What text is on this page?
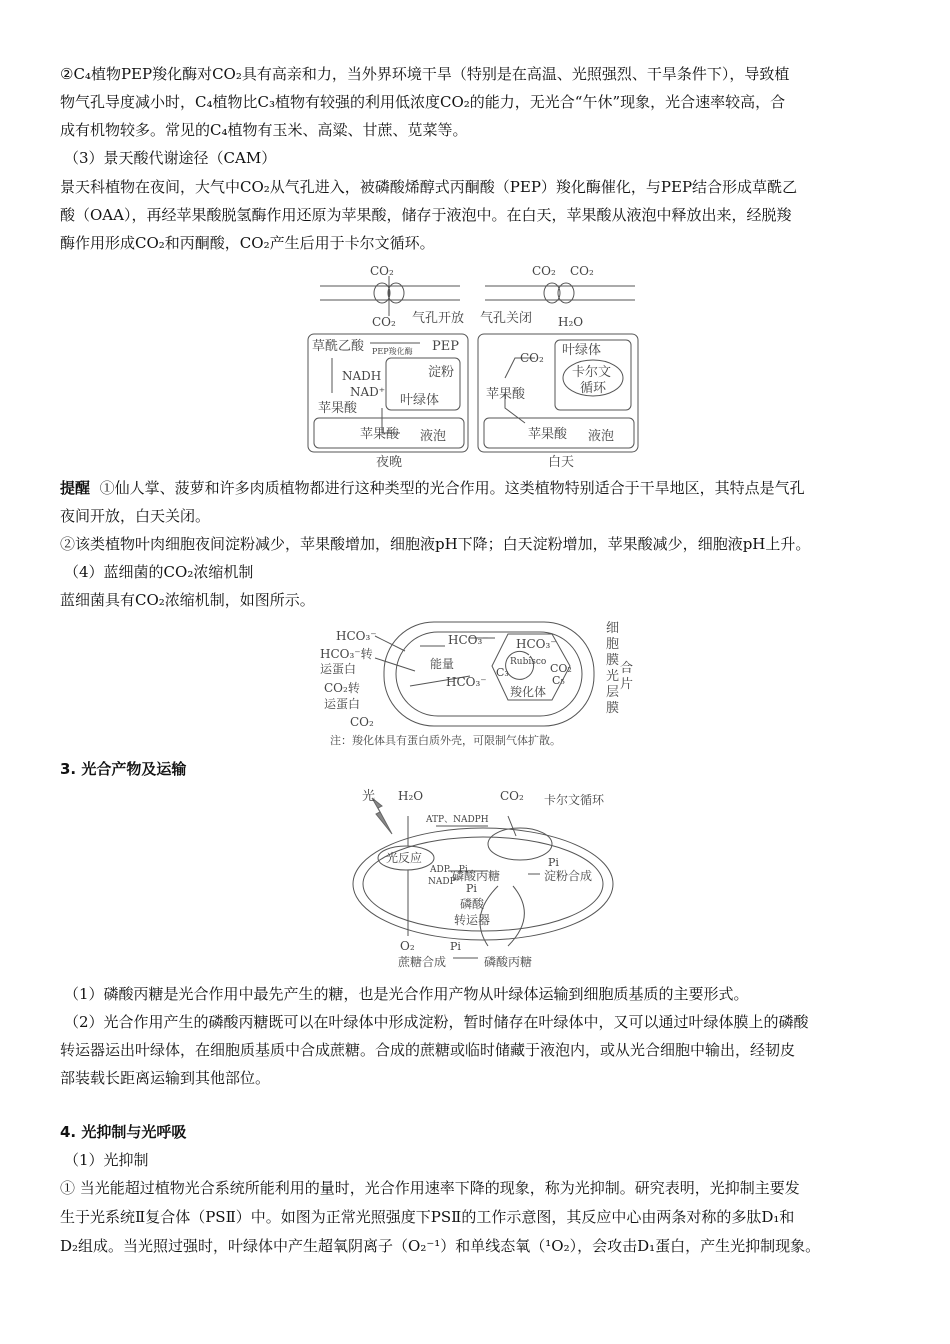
②C₄植物PEP羧化酶对CO₂具有高亲和力，当外界环境干旱（特别是在高温、光照强烈、干旱条件下），导致植
物气孔导度减小时，C₄植物比C₃植物有较强的利用低浓度CO₂的能力，无光合“午休”现象，光合速率较高，合
成有机物较多。常见的C₄植物有玉米、高粱、甘蔗、苋菜等。
（3）景天酸代谢途径（CAM）
景天科植物在夜间，大气中CO₂从气孔进入，被磷酸烯醇式丙酮酸（PEP）羧化酶催化，与PEP结合形成草酰乙
酸（OAA），再经苹果酸脱氢酶作用还原为苹果酸，储存于液泡中。在白天，苹果酸从液泡中释放出来，经脱羧
酶作用形成CO₂和丙酮酸，CO₂产生后用于卡尔文循环。
CO₂	CO₂ CO₂
CO₂ 气孔开放 气孔关闭 H₂O
草酰乙酸 PEP羧化酶 PEP
NADH
NAD⁺
淀粉
叶绿体
苹果酸
苹果酸 液泡
CO₂ 叶绿体
卡尔文
循环
苹果酸
苹果酸 液泡
夜晚	白天
提醒 ①仙人掌、菠萝和许多肉质植物都进行这种类型的光合作用。这类植物特别适合于干旱地区，其特点是气孔
夜间开放，白天关闭。
②该类植物叶肉细胞夜间淀粉减少，苹果酸增加，细胞液pH下降；白天淀粉增加，苹果酸减少，细胞液pH上升。
（4）蓝细菌的CO₂浓缩机制
蓝细菌具有CO₂浓缩机制，如图所示。
HCO₃⁻
HCO₃⁻转
运蛋白
CO₂转
运蛋白
CO₂
HCO₃⁻
能量
HCO₃⁻
HCO₃⁻
Rubisco
C₃	CO₂
C₅
羧化体
细
胞
膜
光
合
片
层
膜
注：羧化体具有蛋白质外壳，可限制气体扩散。
3. 光合产物及运输
光 H₂O	CO₂ 卡尔文循环
ATP、NADPH
光反应
ADP、Pi
NADP⁺
Pi
磷酸丙糖	淀粉合成
Pi
磷酸
转运器
O₂	Pi
蔗糖合成	磷酸丙糖
（1）磷酸丙糖是光合作用中最先产生的糖，也是光合作用产物从叶绿体运输到细胞质基质的主要形式。
（2）光合作用产生的磷酸丙糖既可以在叶绿体中形成淀粉，暂时储存在叶绿体中，又可以通过叶绿体膜上的磷酸
转运器运出叶绿体，在细胞质基质中合成蔗糖。合成的蔗糖或临时储藏于液泡内，或从光合细胞中输出，经韧皮
部装载长距离运输到其他部位。
4. 光抑制与光呼吸
（1）光抑制
① 当光能超过植物光合系统所能利用的量时，光合作用速率下降的现象，称为光抑制。研究表明，光抑制主要发
生于光系统Ⅱ复合体（PSⅡ）中。如图为正常光照强度下PSⅡ的工作示意图，其反应中心由两条对称的多肽D₁和
D₂组成。当光照过强时，叶绿体中产生超氧阴离子（O₂⁻¹）和单线态氧（¹O₂），会攻击D₁蛋白，产生光抑制现象。
